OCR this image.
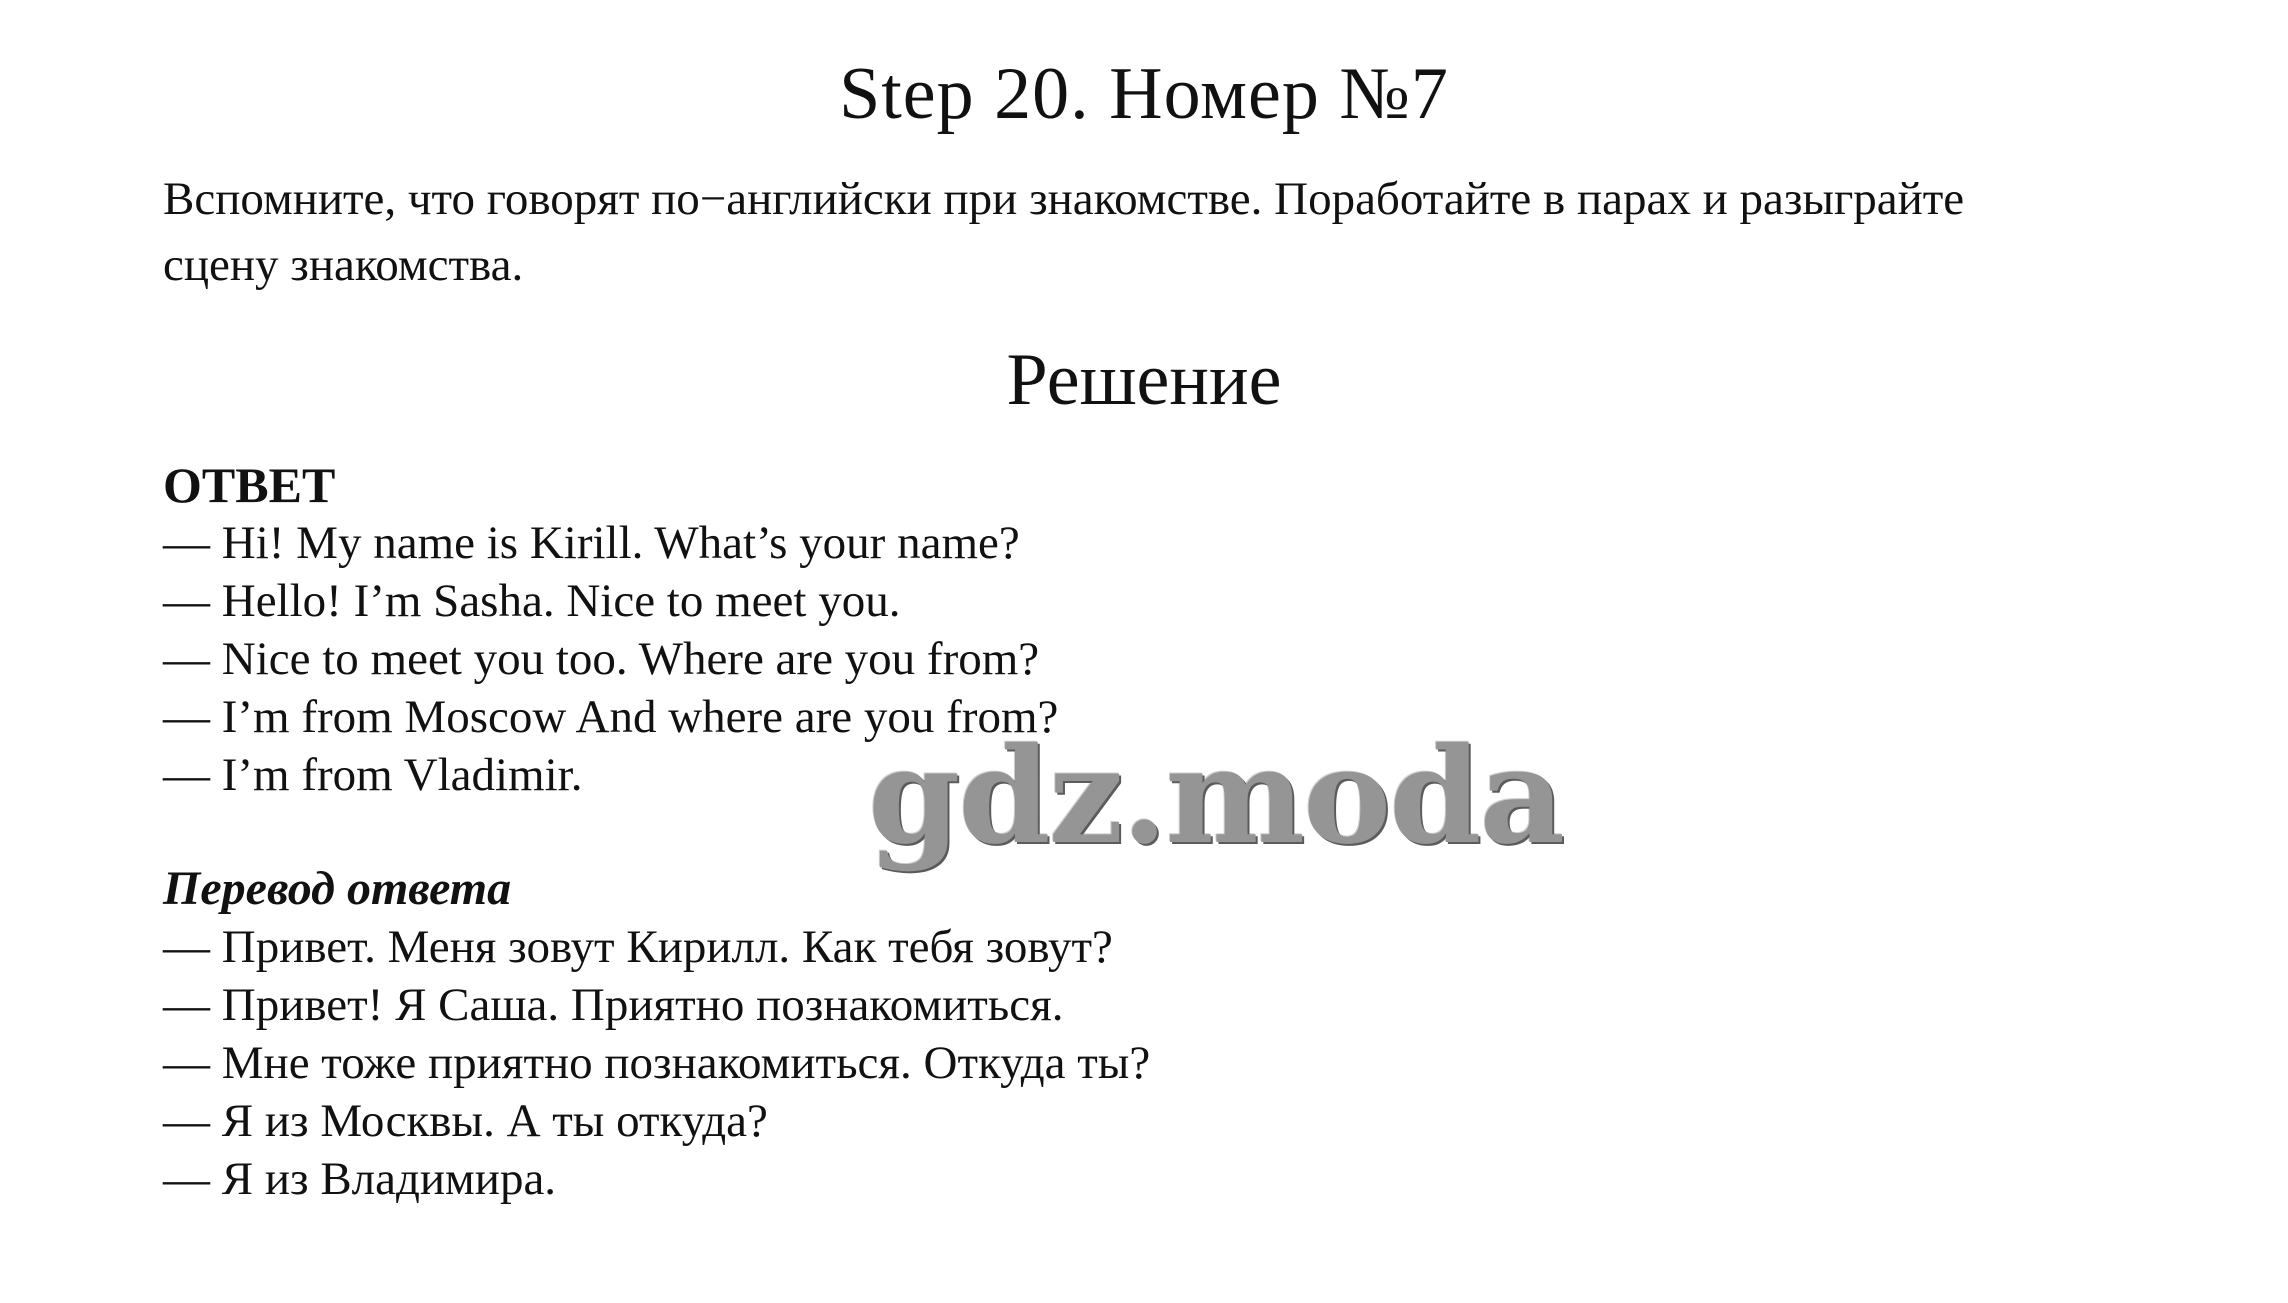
Step 20. Номер №7
Вспомните, что говорят по−английски при знакомстве. Поработайте в парах и разыграйте сцену знакомства.
Решение

ОТВЕТ

— Hi! My name is Kirill. What’s your name?

— Hello! I’m Sasha. Nice to meet you.

— Nice to meet you too. Where are you from?

— I’m from Moscow And where are you from?

— I’m from Vladimir.

Перевод ответа

— Привет. Меня зовут Кирилл. Как тебя зовут?

— Привет! Я Саша. Приятно познакомиться.

— Мне тоже приятно познакомиться. Откуда ты?

— Я из Москвы. А ты откуда?

— Я из Владимира.

gdz.moda
